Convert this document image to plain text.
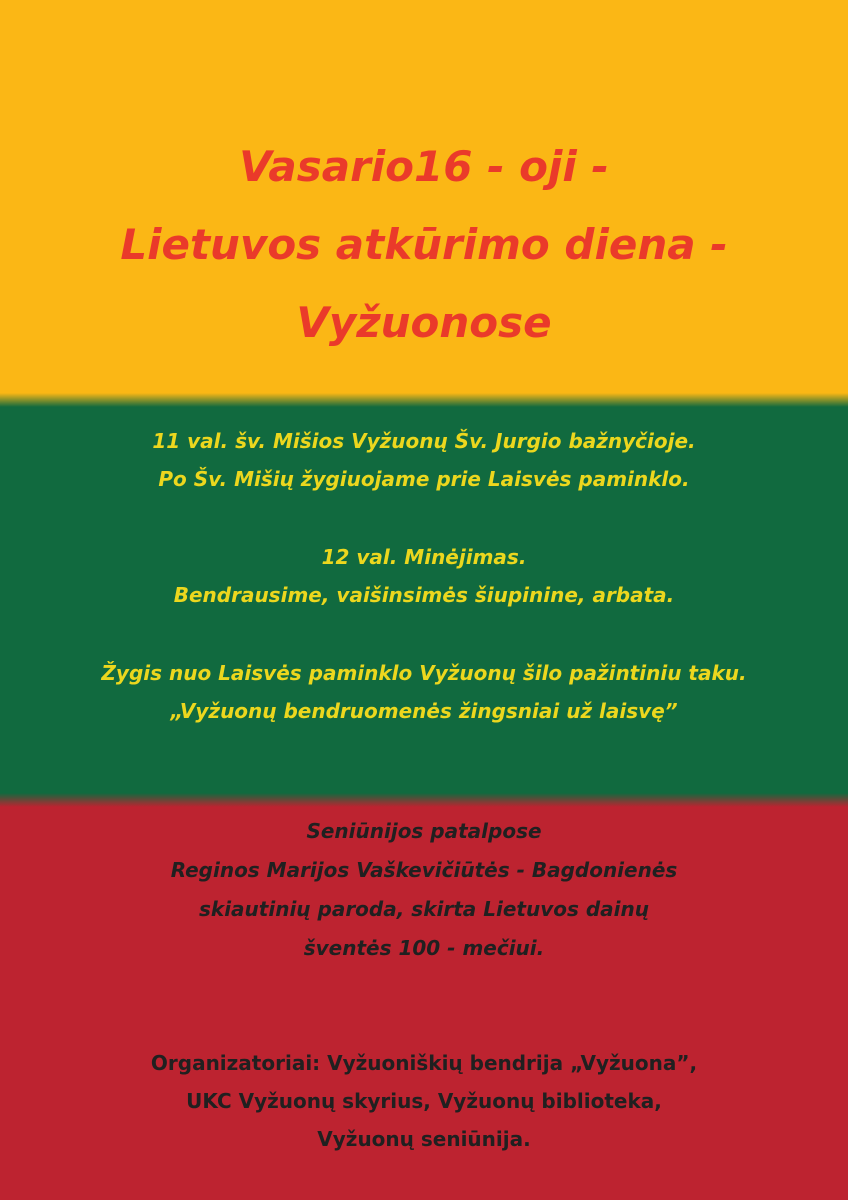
Vasario16 - oji -
Lietuvos atkūrimo diena -
Vyžuonose
11 val. šv. Mišios Vyžuonų Šv. Jurgio bažnyčioje.
Po Šv. Mišių žygiuojame prie Laisvės paminklo.
12 val. Minėjimas.
Bendrausime, vaišinsimės šiupinine, arbata.
Žygis nuo Laisvės paminklo Vyžuonų šilo pažintiniu taku.
„Vyžuonų bendruomenės žingsniai už laisvę”
Seniūnijos patalpose
Reginos Marijos Vaškevičiūtės - Bagdonienės
skiautinių paroda, skirta Lietuvos dainų
šventės 100 - mečiui.
Organizatoriai: Vyžuoniškių bendrija „Vyžuona”,
UKC Vyžuonų skyrius, Vyžuonų biblioteka,
Vyžuonų seniūnija.
